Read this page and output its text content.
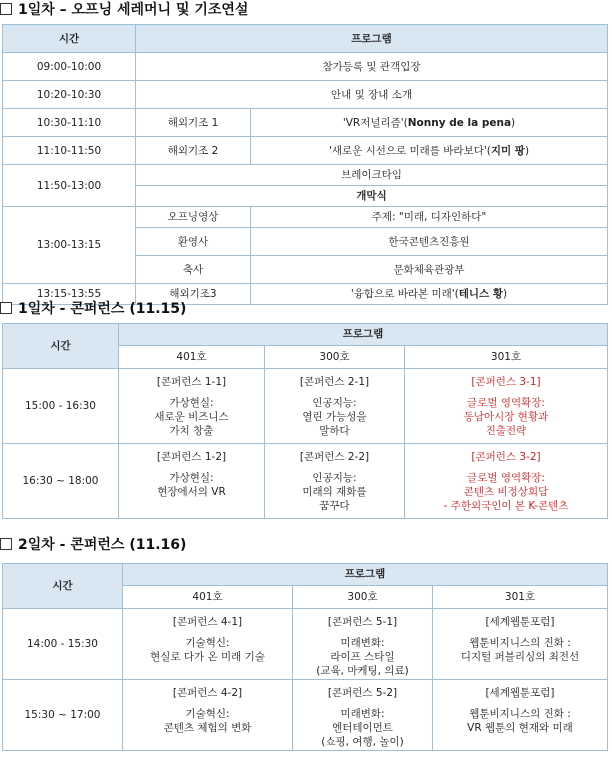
1일차 – 오프닝 세레머니 및 기조연설
시간	프로그램	
09:00-10:00	참가등록 및 관객입장	
10:20-10:30	안내 및 장내 소개	
10:30-11:10	해외기조 1	'VR저널리즘'(Nonny de la pena)
11:10-11:50	해외기조 2	'새로운 시선으로 미래를 바라보다'(지미 팡)
11:50-13:00	브레이크타임	
	개막식	
13:00-13:15	오프닝영상	주제: "미래, 디자인하다"
	환영사	한국콘텐츠진흥원
	축사	문화체육관광부
13:15-13:55	해외기조3	'융합으로 바라본 미래'(테니스 황)
1일차 - 콘퍼런스 (11.15)
시간	프로그램		
	401호	300호	301호
15:00 - 16:30	[콘퍼런스 1-1]
가상현실:
새로운 비즈니스
가치 창출	[콘퍼런스 2-1]
인공지능:
열린 가능성을
말하다	[콘퍼런스 3-1]
글로벌 영역확장:
동남아시장 현황과
진출전략

16:30 ~ 18:00	[콘퍼런스 1-2]
가상현실:
현장에서의 VR	[콘퍼런스 2-2]
인공지능:
미래의 재화를
꿈꾸다	[콘퍼런스 3-2]
글로벌 영역확장:
콘텐츠 비정상회담
- 주한외국인이 본 K-콘텐츠
2일차 - 콘퍼런스 (11.16)
시간	프로그램		
	401호	300호	301호
14:00 - 15:30	[콘퍼런스 4-1]
기술혁신:
현실로 다가 온 미래 기술	[콘퍼런스 5-1]
미래변화:
라이프 스타일
(교육, 마케팅, 의료)	[세계웹툰포럼]
웹툰비지니스의 진화 :
디지털 퍼블리싱의 최전선

15:30 ~ 17:00	[콘퍼런스 4-2]
기술혁신:
콘텐츠 체험의 변화	[콘퍼런스 5-2]
미래변화:
엔터테이먼트
(쇼핑, 여행, 놀이)	[세계웹툰포럼]
웹툰비지니스의 진화 :
VR 웹툰의 현재와 미래
